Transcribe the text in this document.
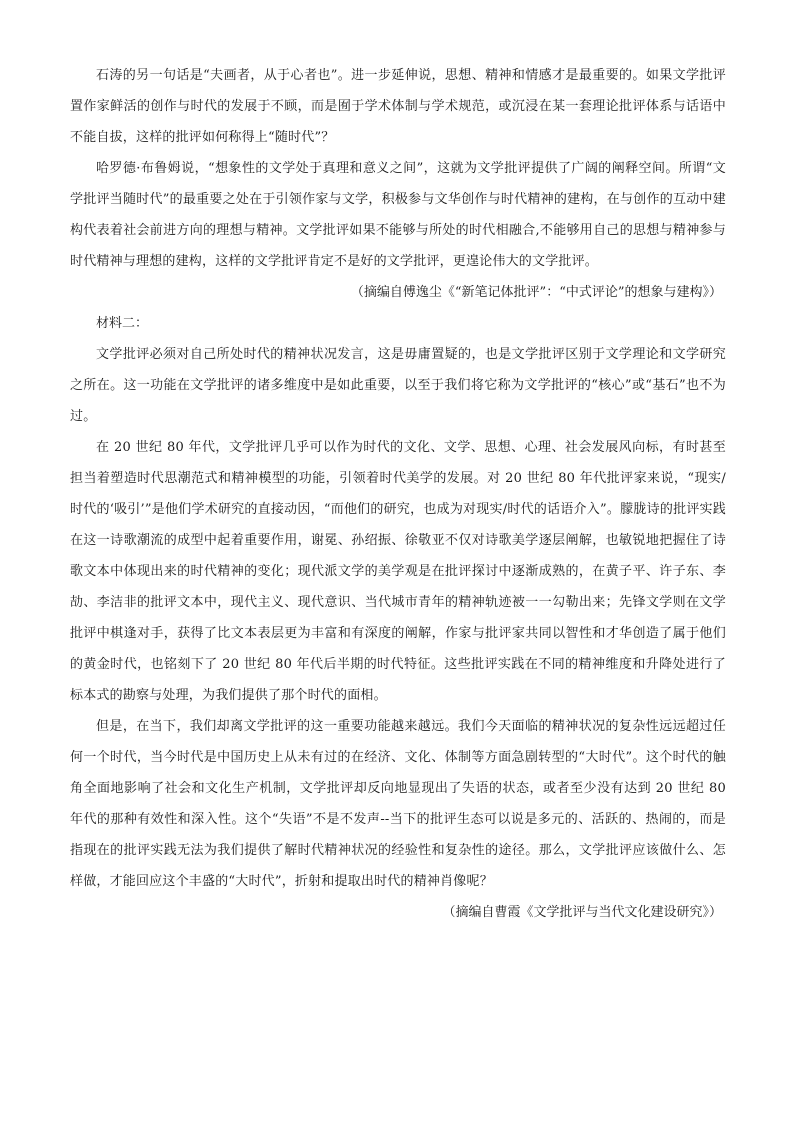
石涛的另一句话是“夫画者，从于心者也”。进一步延伸说，思想、精神和情感才是最重要的。如果文学批评置作家鲜活的创作与时代的发展于不顾，而是囿于学术体制与学术规范，或沉浸在某一套理论批评体系与话语中不能自拔，这样的批评如何称得上“随时代”？

哈罗德·布鲁姆说，“想象性的文学处于真理和意义之间”，这就为文学批评提供了广阔的阐释空间。所谓“文学批评当随时代”的最重要之处在于引领作家与文学，积极参与文华创作与时代精神的建构，在与创作的互动中建构代表着社会前进方向的理想与精神。文学批评如果不能够与所处的时代相融合,不能够用自己的思想与精神参与时代精神与理想的建构，这样的文学批评肯定不是好的文学批评，更遑论伟大的文学批评。

（摘编自傅逸尘《“新笔记体批评”：“中式评论”的想象与建构》）

材料二：

文学批评必须对自己所处时代的精神状况发言，这是毋庸置疑的，也是文学批评区别于文学理论和文学研究之所在。这一功能在文学批评的诸多维度中是如此重要，以至于我们将它称为文学批评的“核心”或“基石”也不为过。

在 20 世纪 80 年代，文学批评几乎可以作为时代的文化、文学、思想、心理、社会发展风向标，有时甚至担当着塑造时代思潮范式和精神模型的功能，引领着时代美学的发展。对 20 世纪 80 年代批评家来说，“现实/时代的‘吸引’”是他们学术研究的直接动因，“而他们的研究，也成为对现实/时代的话语介入”。朦胧诗的批评实践在这一诗歌潮流的成型中起着重要作用，谢冕、孙绍振、徐敬亚不仅对诗歌美学逐层阐解，也敏锐地把握住了诗歌文本中体现出来的时代精神的变化；现代派文学的美学观是在批评探讨中逐渐成熟的，在黄子平、许子东、李劼、李洁非的批评文本中，现代主义、现代意识、当代城市青年的精神轨迹被一一勾勒出来；先锋文学则在文学批评中棋逢对手，获得了比文本表层更为丰富和有深度的阐解，作家与批评家共同以智性和才华创造了属于他们的黄金时代，也铭刻下了 20 世纪 80 年代后半期的时代特征。这些批评实践在不同的精神维度和升降处进行了标本式的勘察与处理，为我们提供了那个时代的面相。

但是，在当下，我们却离文学批评的这一重要功能越来越远。我们今天面临的精神状况的复杂性远远超过任何一个时代，当今时代是中国历史上从未有过的在经济、文化、体制等方面急剧转型的“大时代”。这个时代的触角全面地影响了社会和文化生产机制，文学批评却反向地显现出了失语的状态，或者至少没有达到 20 世纪 80 年代的那种有效性和深入性。这个“失语”不是不发声--当下的批评生态可以说是多元的、活跃的、热闹的，而是指现在的批评实践无法为我们提供了解时代精神状况的经验性和复杂性的途径。那么，文学批评应该做什么、怎样做，才能回应这个丰盛的“大时代”，折射和提取出时代的精神肖像呢？

（摘编自曹霞《文学批评与当代文化建设研究》）
